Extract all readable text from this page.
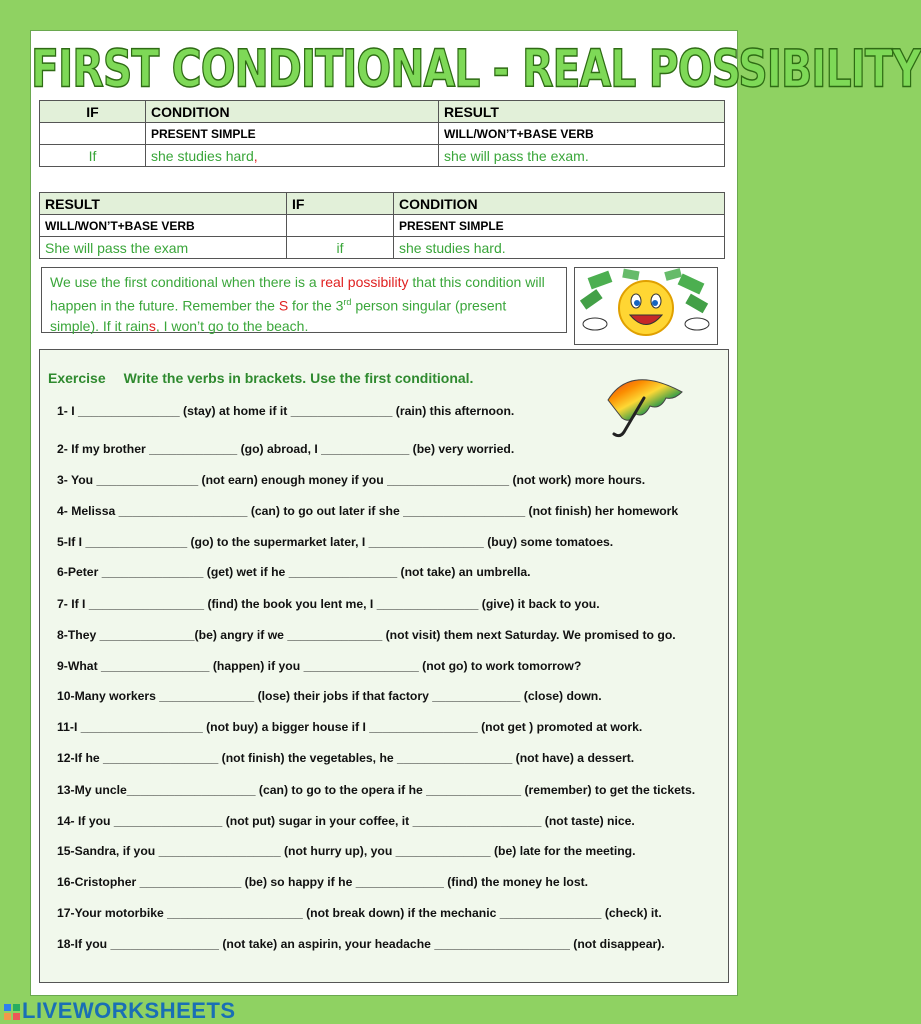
FIRST CONDITIONAL - REAL POSSIBILITY
IF	CONDITION	RESULT
	PRESENT SIMPLE	WILL/WON’T+BASE VERB
If	she studies hard,	she will pass the exam.
RESULT	IF	CONDITION
WILL/WON’T+BASE VERB		PRESENT SIMPLE
She will pass the exam	if	she studies hard.
We use the first conditional when there is a real possibility that this condition will happen in the future. Remember the S for the 3rd person singular (present simple). If it rains, I won’t go to the beach.
Exercise Write the verbs in brackets. Use the first conditional.
1- I _______________ (stay) at home if it _______________ (rain) this afternoon.
2- If my brother _____________ (go) abroad, I _____________ (be) very worried.
3- You _______________ (not earn) enough money if you __________________ (not work) more hours.
4- Melissa ___________________ (can) to go out later if she __________________ (not finish) her homework
5-If I _______________ (go) to the supermarket later, I _________________ (buy) some tomatoes.
6-Peter _______________ (get) wet if he ________________ (not take) an umbrella.
7- If I _________________ (find) the book you lent me, I _______________ (give) it back to you.
8-They ______________(be) angry if we ______________ (not visit) them next Saturday. We promised to go.
9-What ________________ (happen) if you _________________ (not go) to work tomorrow?
10-Many workers ______________ (lose) their jobs if that factory _____________ (close) down.
11-I __________________ (not buy) a bigger house if I ________________ (not get ) promoted at work.
12-If he _________________ (not finish) the vegetables, he _________________ (not have) a dessert.
13-My uncle___________________ (can) to go to the opera if he ______________ (remember) to get the tickets.
14- If you ________________ (not put) sugar in your coffee, it ___________________ (not taste) nice.
15-Sandra, if you __________________ (not hurry up), you ______________ (be) late for the meeting.
16-Cristopher _______________ (be) so happy if he _____________ (find) the money he lost.
17-Your motorbike ____________________ (not break down) if the mechanic _______________ (check) it.
18-If you ________________ (not take) an aspirin, your headache ____________________ (not disappear).
LIVEWORKSHEETS
